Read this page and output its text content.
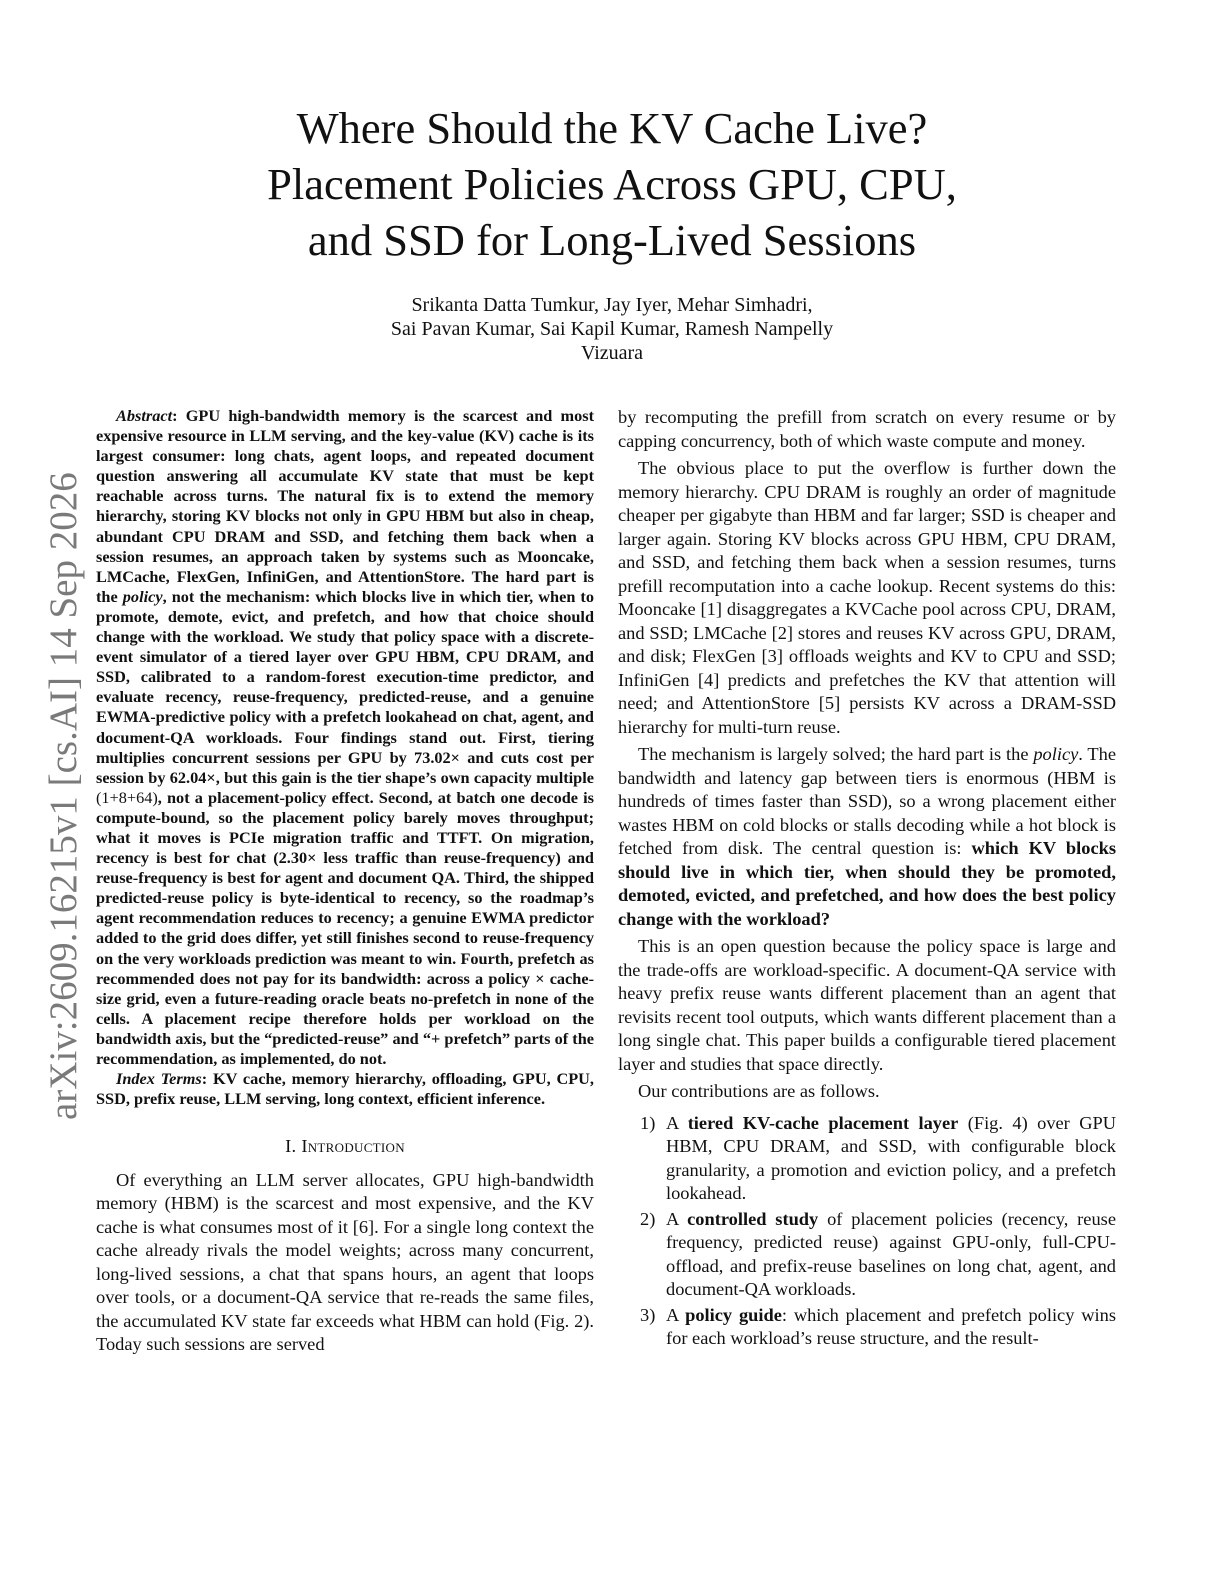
arXiv:2609.16215v1 [cs.AI] 14 Sep 2026
Where Should the KV Cache Live?
Placement Policies Across GPU, CPU,
and SSD for Long-Lived Sessions
Srikanta Datta Tumkur, Jay Iyer, Mehar Simhadri,
Sai Pavan Kumar, Sai Kapil Kumar, Ramesh Nampelly
Vizuara

Abstract: GPU high-bandwidth memory is the scarcest and most expensive resource in LLM serving, and the key-value (KV) cache is its largest consumer: long chats, agent loops, and repeated document question answering all accumulate KV state that must be kept reachable across turns. The natural fix is to extend the memory hierarchy, storing KV blocks not only in GPU HBM but also in cheap, abundant CPU DRAM and SSD, and fetching them back when a session resumes, an approach taken by systems such as Mooncake, LMCache, FlexGen, InfiniGen, and AttentionStore. The hard part is the policy, not the mechanism: which blocks live in which tier, when to promote, demote, evict, and prefetch, and how that choice should change with the workload. We study that policy space with a discrete-event simulator of a tiered layer over GPU HBM, CPU DRAM, and SSD, calibrated to a random-forest execution-time predictor, and evaluate recency, reuse-frequency, predicted-reuse, and a genuine EWMA-predictive policy with a prefetch lookahead on chat, agent, and document-QA workloads. Four findings stand out. First, tiering multiplies concurrent sessions per GPU by 73.02× and cuts cost per session by 62.04×, but this gain is the tier shape’s own capacity multiple (1+8+64), not a placement-policy effect. Second, at batch one decode is compute-bound, so the placement policy barely moves throughput; what it moves is PCIe migration traffic and TTFT. On migration, recency is best for chat (2.30× less traffic than reuse-frequency) and reuse-frequency is best for agent and document QA. Third, the shipped predicted-reuse policy is byte-identical to recency, so the roadmap’s agent recommendation reduces to recency; a genuine EWMA predictor added to the grid does differ, yet still finishes second to reuse-frequency on the very workloads prediction was meant to win. Fourth, prefetch as recommended does not pay for its bandwidth: across a policy × cache-size grid, even a future-reading oracle beats no-prefetch in none of the cells. A placement recipe therefore holds per workload on the bandwidth axis, but the “predicted-reuse” and “+ prefetch” parts of the recommendation, as implemented, do not.

Index Terms: KV cache, memory hierarchy, offloading, GPU, CPU, SSD, prefix reuse, LLM serving, long context, efficient inference.

I. Introduction

Of everything an LLM server allocates, GPU high-bandwidth memory (HBM) is the scarcest and most expensive, and the KV cache is what consumes most of it [6]. For a single long context the cache already rivals the model weights; across many concurrent, long-lived sessions, a chat that spans hours, an agent that loops over tools, or a document-QA service that re-reads the same files, the accumulated KV state far exceeds what HBM can hold (Fig. 2). Today such sessions are served

by recomputing the prefill from scratch on every resume or by capping concurrency, both of which waste compute and money.

The obvious place to put the overflow is further down the memory hierarchy. CPU DRAM is roughly an order of magnitude cheaper per gigabyte than HBM and far larger; SSD is cheaper and larger again. Storing KV blocks across GPU HBM, CPU DRAM, and SSD, and fetching them back when a session resumes, turns prefill recomputation into a cache lookup. Recent systems do this: Mooncake [1] disaggregates a KVCache pool across CPU, DRAM, and SSD; LMCache [2] stores and reuses KV across GPU, DRAM, and disk; FlexGen [3] offloads weights and KV to CPU and SSD; InfiniGen [4] predicts and prefetches the KV that attention will need; and AttentionStore [5] persists KV across a DRAM-SSD hierarchy for multi-turn reuse.

The mechanism is largely solved; the hard part is the policy. The bandwidth and latency gap between tiers is enormous (HBM is hundreds of times faster than SSD), so a wrong placement either wastes HBM on cold blocks or stalls decoding while a hot block is fetched from disk. The central question is: which KV blocks should live in which tier, when should they be promoted, demoted, evicted, and prefetched, and how does the best policy change with the workload?

This is an open question because the policy space is large and the trade-offs are workload-specific. A document-QA service with heavy prefix reuse wants different placement than an agent that revisits recent tool outputs, which wants different placement than a long single chat. This paper builds a configurable tiered placement layer and studies that space directly.

Our contributions are as follows.

1) A tiered KV-cache placement layer (Fig. 4) over GPU HBM, CPU DRAM, and SSD, with configurable block granularity, a promotion and eviction policy, and a prefetch lookahead.
2) A controlled study of placement policies (recency, reuse frequency, predicted reuse) against GPU-only, full-CPU-offload, and prefix-reuse baselines on long chat, agent, and document-QA workloads.
3) A policy guide: which placement and prefetch policy wins for each workload’s reuse structure, and the result-
